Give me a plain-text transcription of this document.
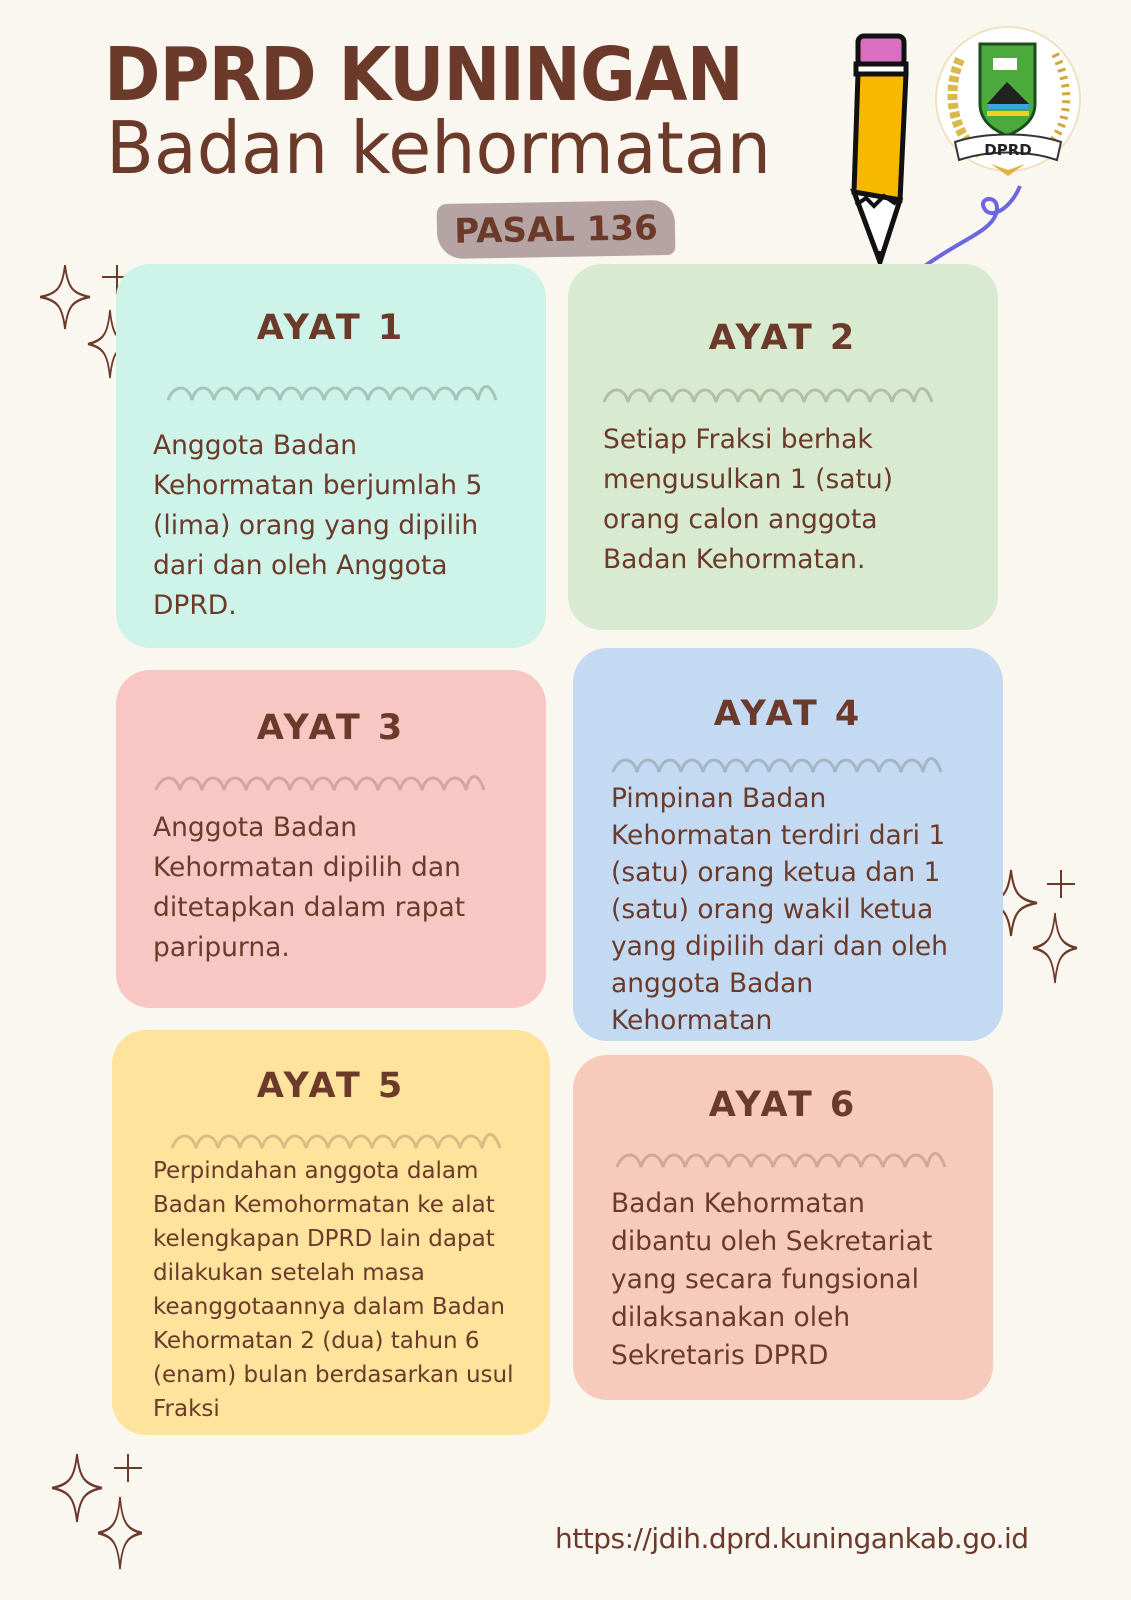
DPRD KUNINGAN
Badan kehormatan
PASAL 136
DPRD
AYAT 1

Anggota Badan

Kehormatan berjumlah 5

(lima) orang yang dipilih

dari dan oleh Anggota

DPRD.

AYAT 2

Setiap Fraksi berhak

mengusulkan 1 (satu)

orang calon anggota

Badan Kehormatan.

AYAT 3

Anggota Badan

Kehormatan dipilih dan

ditetapkan dalam rapat

paripurna.

AYAT 4

Pimpinan Badan

Kehormatan terdiri dari 1

(satu) orang ketua dan 1

(satu) orang wakil ketua

yang dipilih dari dan oleh

anggota Badan

Kehormatan

AYAT 5

Perpindahan anggota dalam

Badan Kemohormatan ke alat

kelengkapan DPRD lain dapat

dilakukan setelah masa

keanggotaannya dalam Badan

Kehormatan 2 (dua) tahun 6

(enam) bulan berdasarkan usul

Fraksi

AYAT 6

Badan Kehormatan

dibantu oleh Sekretariat

yang secara fungsional

dilaksanakan oleh

Sekretaris DPRD

https://jdih.dprd.kuningankab.go.id
